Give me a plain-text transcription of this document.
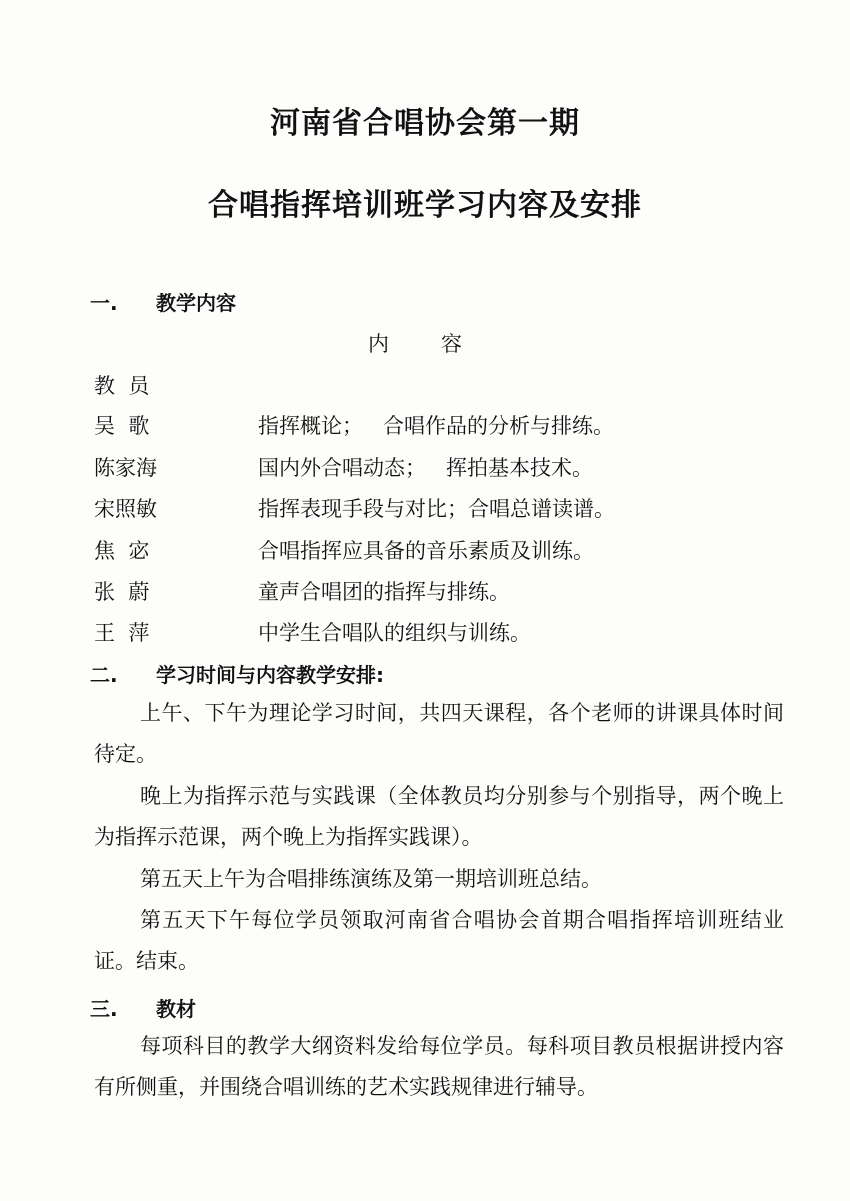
河南省合唱协会第一期
合唱指挥培训班学习内容及安排
一. 教学内容
内 容
教  员
吴  歌	指挥概论；   合唱作品的分析与排练。
陈家海	国内外合唱动态；   挥拍基本技术。
宋照敏	指挥表现手段与对比；合唱总谱读谱。
焦  宓	合唱指挥应具备的音乐素质及训练。
张  蔚	童声合唱团的指挥与排练。
王  萍	中学生合唱队的组织与训练。
二. 学习时间与内容教学安排:
上午、下午为理论学习时间，共四天课程，各个老师的讲课具体时间待定。
晚上为指挥示范与实践课（全体教员均分别参与个别指导，两个晚上为指挥示范课，两个晚上为指挥实践课）。
第五天上午为合唱排练演练及第一期培训班总结。
第五天下午每位学员领取河南省合唱协会首期合唱指挥培训班结业证。结束。
三. 教材
每项科目的教学大纲资料发给每位学员。每科项目教员根据讲授内容有所侧重，并围绕合唱训练的艺术实践规律进行辅导。
